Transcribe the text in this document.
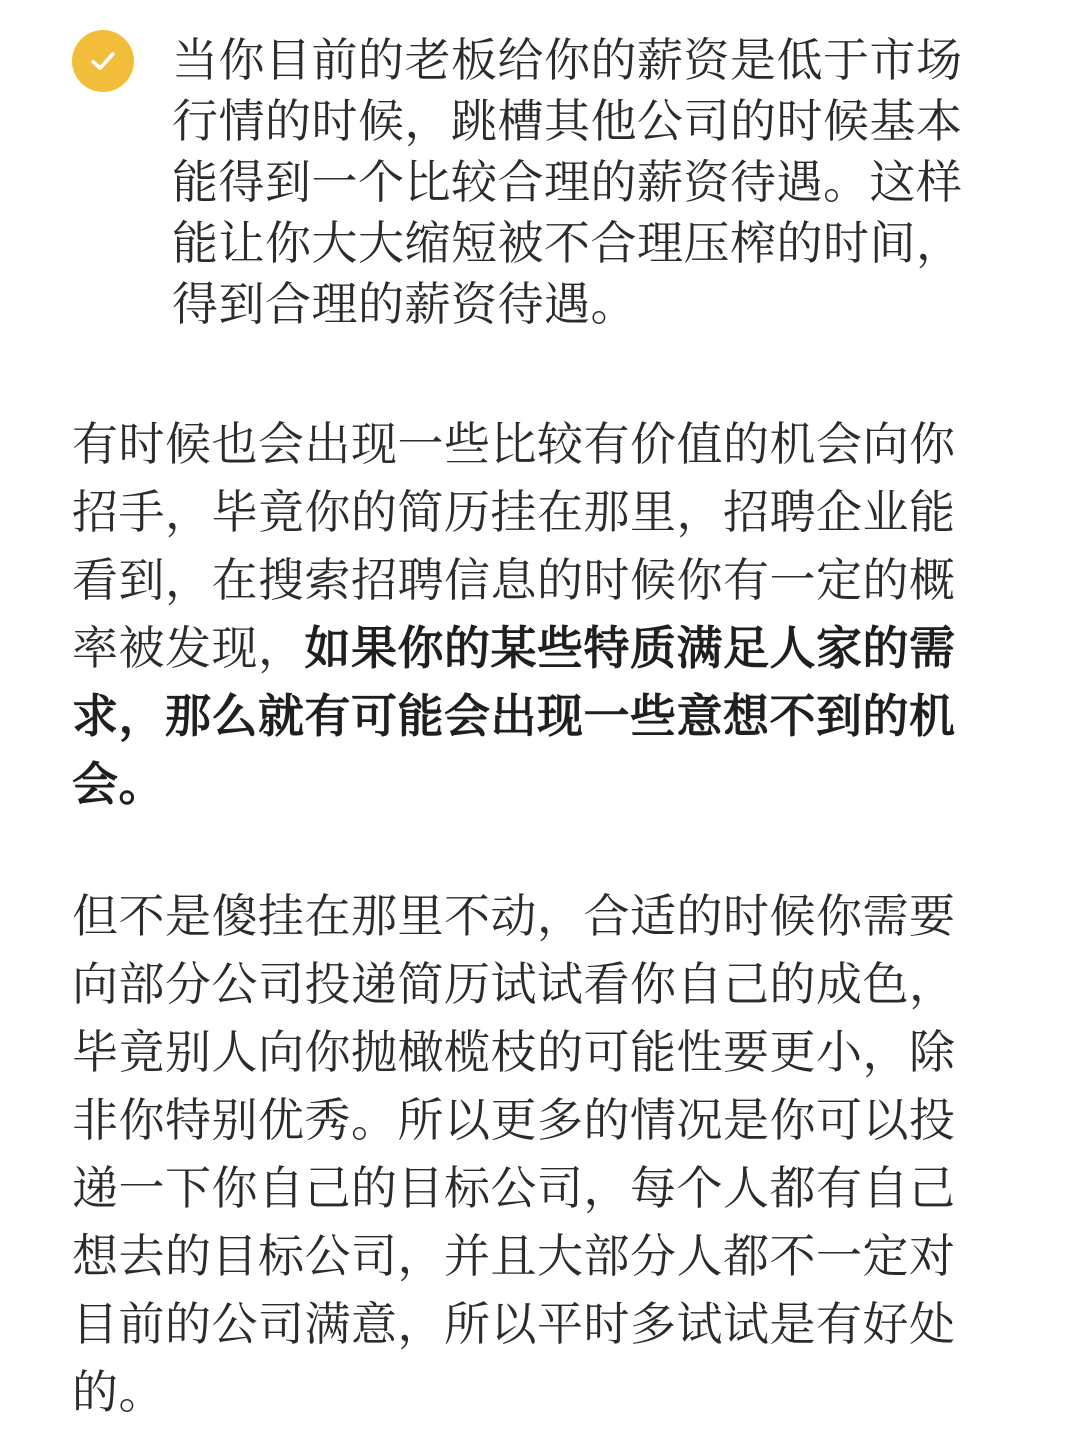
当你目前的老板给你的薪资是低于市场行情的时候，跳槽其他公司的时候基本能得到一个比较合理的薪资待遇。这样能让你大大缩短被不合理压榨的时间，得到合理的薪资待遇。

有时候也会出现一些比较有价值的机会向你招手，毕竟你的简历挂在那里，招聘企业能看到，在搜索招聘信息的时候你有一定的概率被发现，如果你的某些特质满足人家的需求，那么就有可能会出现一些意想不到的机会。

但不是傻挂在那里不动，合适的时候你需要向部分公司投递简历试试看你自己的成色，毕竟别人向你抛橄榄枝的可能性要更小，除非你特别优秀。所以更多的情况是你可以投递一下你自己的目标公司，每个人都有自己想去的目标公司，并且大部分人都不一定对目前的公司满意，所以平时多试试是有好处的。
